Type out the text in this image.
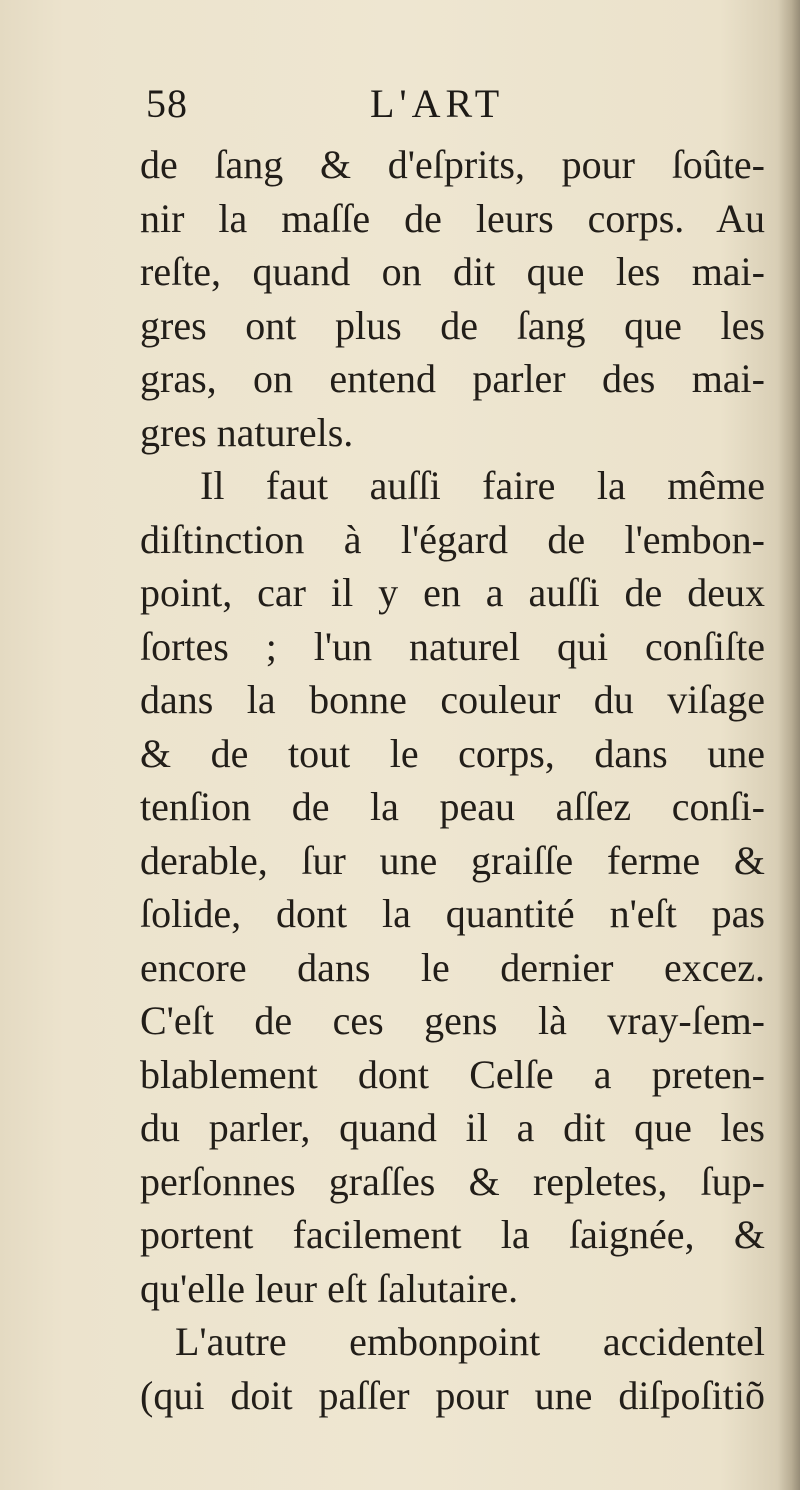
58	L'ART
de ſang & d'eſprits, pour ſoûte-
nir la maſſe de leurs corps. Au
reſte, quand on dit que les mai-
gres ont plus de ſang que les
gras, on entend parler des mai-
gres naturels.
Il faut auſſi faire la même
diſtinction à l'égard de l'embon-
point, car il y en a auſſi de deux
ſortes ; l'un naturel qui conſiſte
dans la bonne couleur du viſage
& de tout le corps, dans une
tenſion de la peau aſſez conſi-
derable, ſur une graiſſe ferme &
ſolide, dont la quantité n'eſt pas
encore dans le dernier excez.
C'eſt de ces gens là vray-ſem-
blablement dont Celſe a preten-
du parler, quand il a dit que les
perſonnes graſſes & repletes, ſup-
portent facilement la ſaignée, &
qu'elle leur eſt ſalutaire.
L'autre embonpoint accidentel
(qui doit paſſer pour une diſpoſitiõ
